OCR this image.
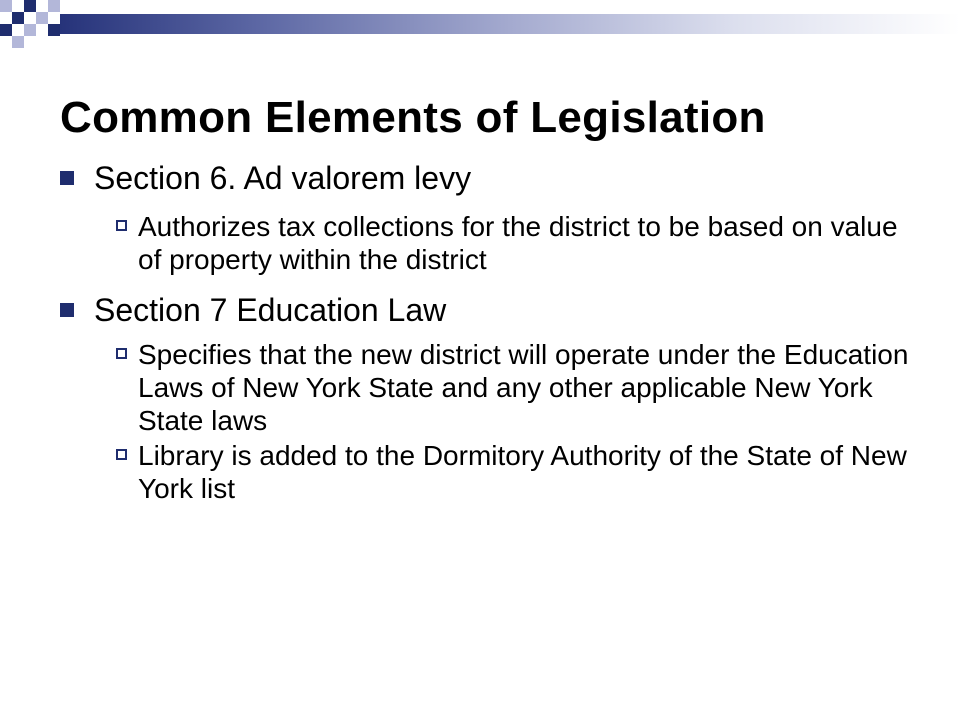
Common Elements of Legislation
Section 6. Ad valorem levy
Authorizes tax collections for the district to be based on value of property within the district
Section 7 Education Law
Specifies that the new district will operate under the Education Laws of New York State and any other applicable New York State laws
Library is added to the Dormitory Authority of the State of New York list
